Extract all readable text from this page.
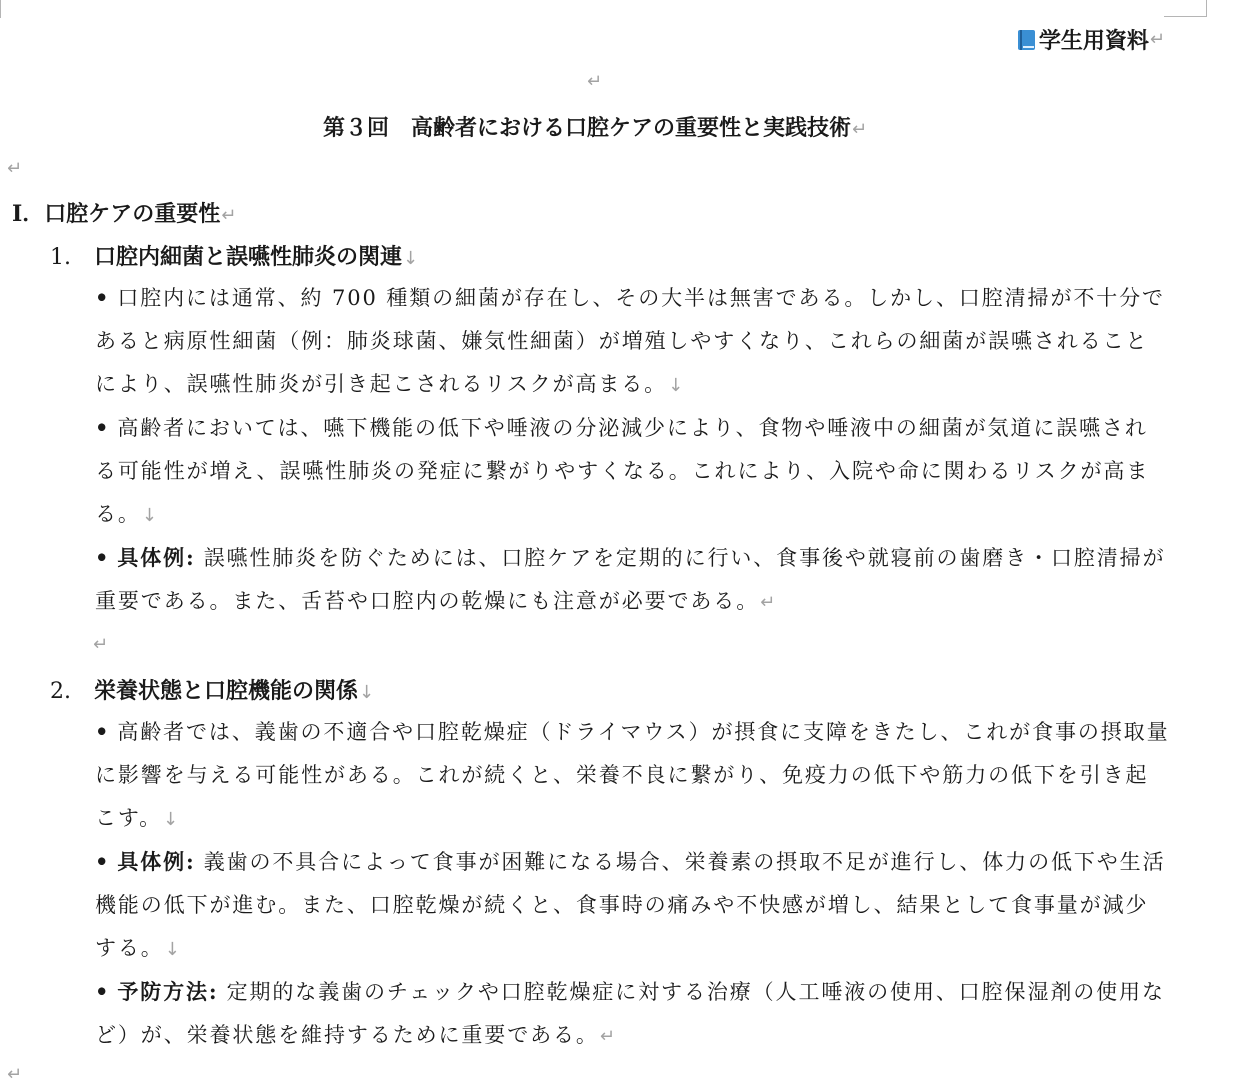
学生用資料 ↵
↵
第３回　高齢者における口腔ケアの重要性と実践技術↵
↵
Ⅰ．口腔ケアの重要性↵
1. 口腔内細菌と誤嚥性肺炎の関連↓
• 口腔内には通常、約 700 種類の細菌が存在し、その大半は無害である。しかし、口腔清掃が不十分であると病原性細菌（例：肺炎球菌、嫌気性細菌）が増殖しやすくなり、これらの細菌が誤嚥されることにより、誤嚥性肺炎が引き起こされるリスクが高まる。↓
• 高齢者においては、嚥下機能の低下や唾液の分泌減少により、食物や唾液中の細菌が気道に誤嚥される可能性が増え、誤嚥性肺炎の発症に繋がりやすくなる。これにより、入院や命に関わるリスクが高まる。↓
• 具体例: 誤嚥性肺炎を防ぐためには、口腔ケアを定期的に行い、食事後や就寝前の歯磨き・口腔清掃が重要である。また、舌苔や口腔内の乾燥にも注意が必要である。↵
↵
2. 栄養状態と口腔機能の関係↓
• 高齢者では、義歯の不適合や口腔乾燥症（ドライマウス）が摂食に支障をきたし、これが食事の摂取量に影響を与える可能性がある。これが続くと、栄養不良に繋がり、免疫力の低下や筋力の低下を引き起こす。↓
• 具体例: 義歯の不具合によって食事が困難になる場合、栄養素の摂取不足が進行し、体力の低下や生活機能の低下が進む。また、口腔乾燥が続くと、食事時の痛みや不快感が増し、結果として食事量が減少する。↓
• 予防方法: 定期的な義歯のチェックや口腔乾燥症に対する治療（人工唾液の使用、口腔保湿剤の使用など）が、栄養状態を維持するために重要である。↵
↵
